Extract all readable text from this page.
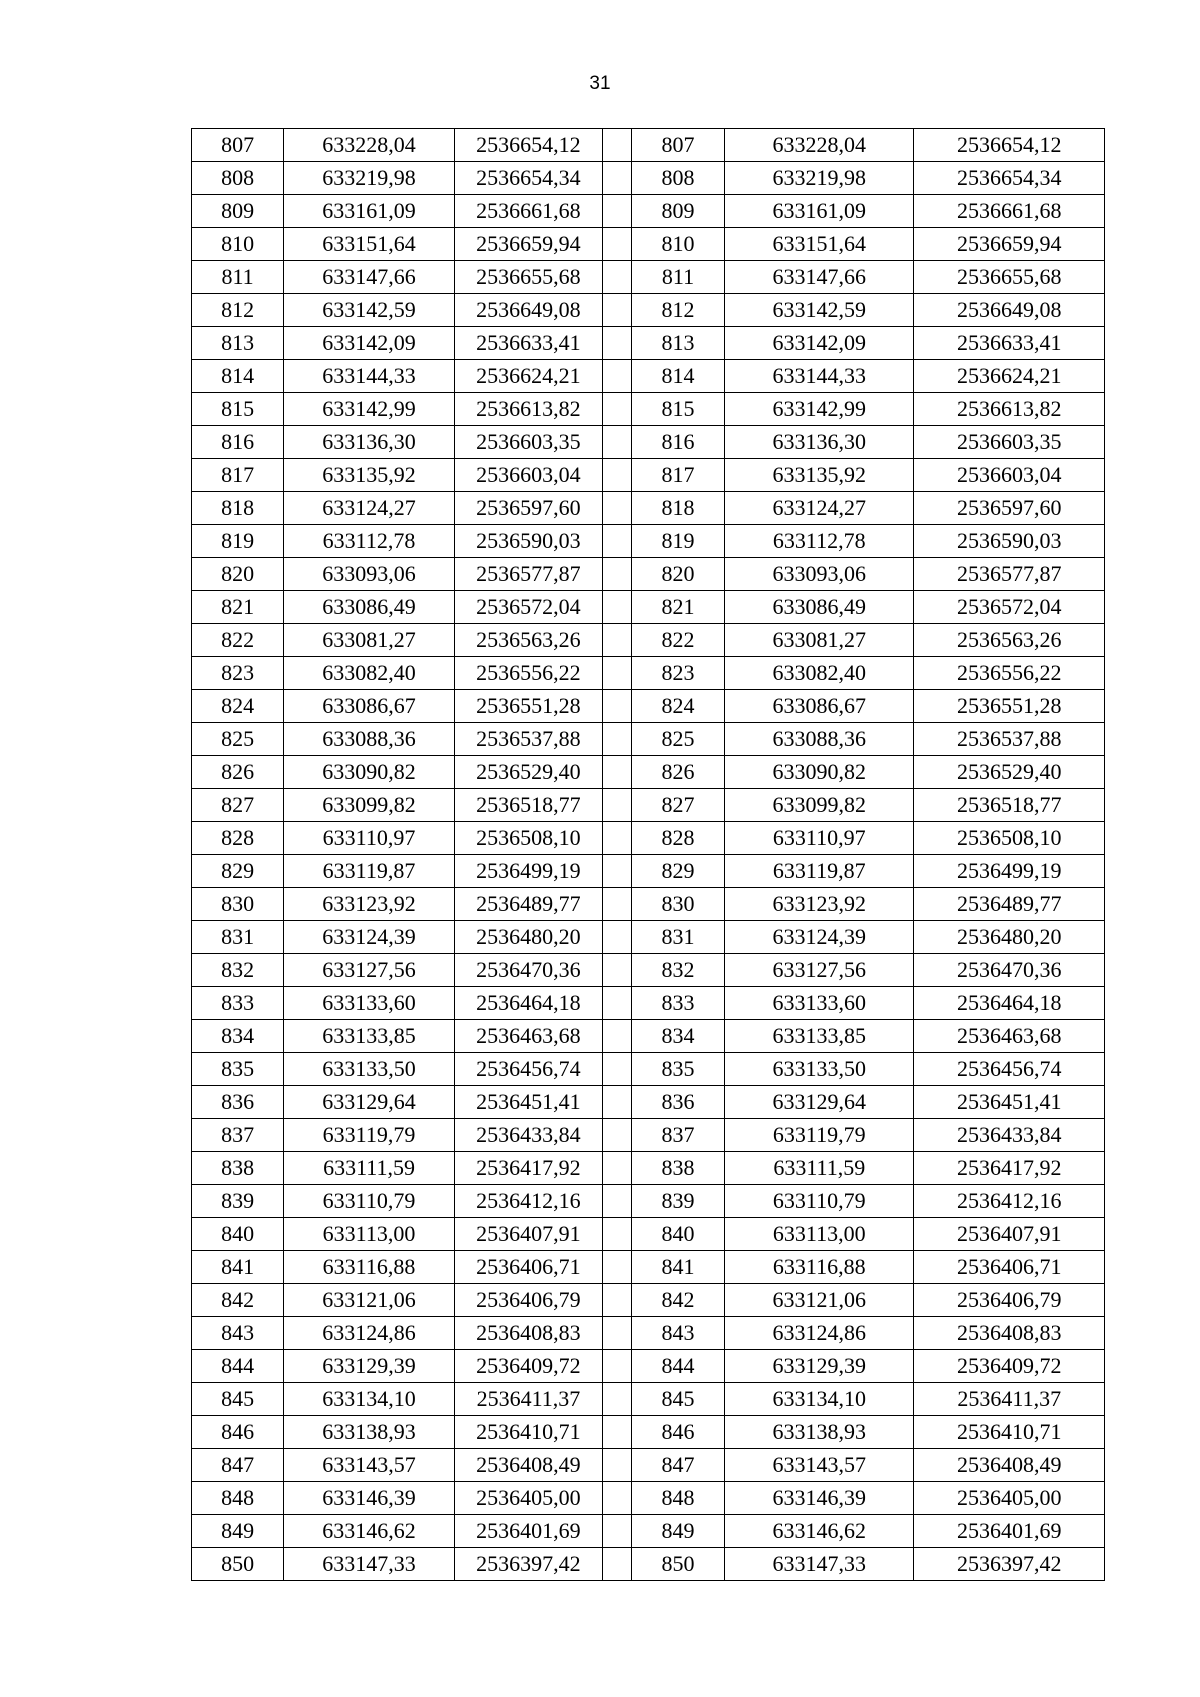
31
807	633228,04	2536654,12		807	633228,04	2536654,12
808	633219,98	2536654,34		808	633219,98	2536654,34
809	633161,09	2536661,68		809	633161,09	2536661,68
810	633151,64	2536659,94		810	633151,64	2536659,94
811	633147,66	2536655,68		811	633147,66	2536655,68
812	633142,59	2536649,08		812	633142,59	2536649,08
813	633142,09	2536633,41		813	633142,09	2536633,41
814	633144,33	2536624,21		814	633144,33	2536624,21
815	633142,99	2536613,82		815	633142,99	2536613,82
816	633136,30	2536603,35		816	633136,30	2536603,35
817	633135,92	2536603,04		817	633135,92	2536603,04
818	633124,27	2536597,60		818	633124,27	2536597,60
819	633112,78	2536590,03		819	633112,78	2536590,03
820	633093,06	2536577,87		820	633093,06	2536577,87
821	633086,49	2536572,04		821	633086,49	2536572,04
822	633081,27	2536563,26		822	633081,27	2536563,26
823	633082,40	2536556,22		823	633082,40	2536556,22
824	633086,67	2536551,28		824	633086,67	2536551,28
825	633088,36	2536537,88		825	633088,36	2536537,88
826	633090,82	2536529,40		826	633090,82	2536529,40
827	633099,82	2536518,77		827	633099,82	2536518,77
828	633110,97	2536508,10		828	633110,97	2536508,10
829	633119,87	2536499,19		829	633119,87	2536499,19
830	633123,92	2536489,77		830	633123,92	2536489,77
831	633124,39	2536480,20		831	633124,39	2536480,20
832	633127,56	2536470,36		832	633127,56	2536470,36
833	633133,60	2536464,18		833	633133,60	2536464,18
834	633133,85	2536463,68		834	633133,85	2536463,68
835	633133,50	2536456,74		835	633133,50	2536456,74
836	633129,64	2536451,41		836	633129,64	2536451,41
837	633119,79	2536433,84		837	633119,79	2536433,84
838	633111,59	2536417,92		838	633111,59	2536417,92
839	633110,79	2536412,16		839	633110,79	2536412,16
840	633113,00	2536407,91		840	633113,00	2536407,91
841	633116,88	2536406,71		841	633116,88	2536406,71
842	633121,06	2536406,79		842	633121,06	2536406,79
843	633124,86	2536408,83		843	633124,86	2536408,83
844	633129,39	2536409,72		844	633129,39	2536409,72
845	633134,10	2536411,37		845	633134,10	2536411,37
846	633138,93	2536410,71		846	633138,93	2536410,71
847	633143,57	2536408,49		847	633143,57	2536408,49
848	633146,39	2536405,00		848	633146,39	2536405,00
849	633146,62	2536401,69		849	633146,62	2536401,69
850	633147,33	2536397,42		850	633147,33	2536397,42
